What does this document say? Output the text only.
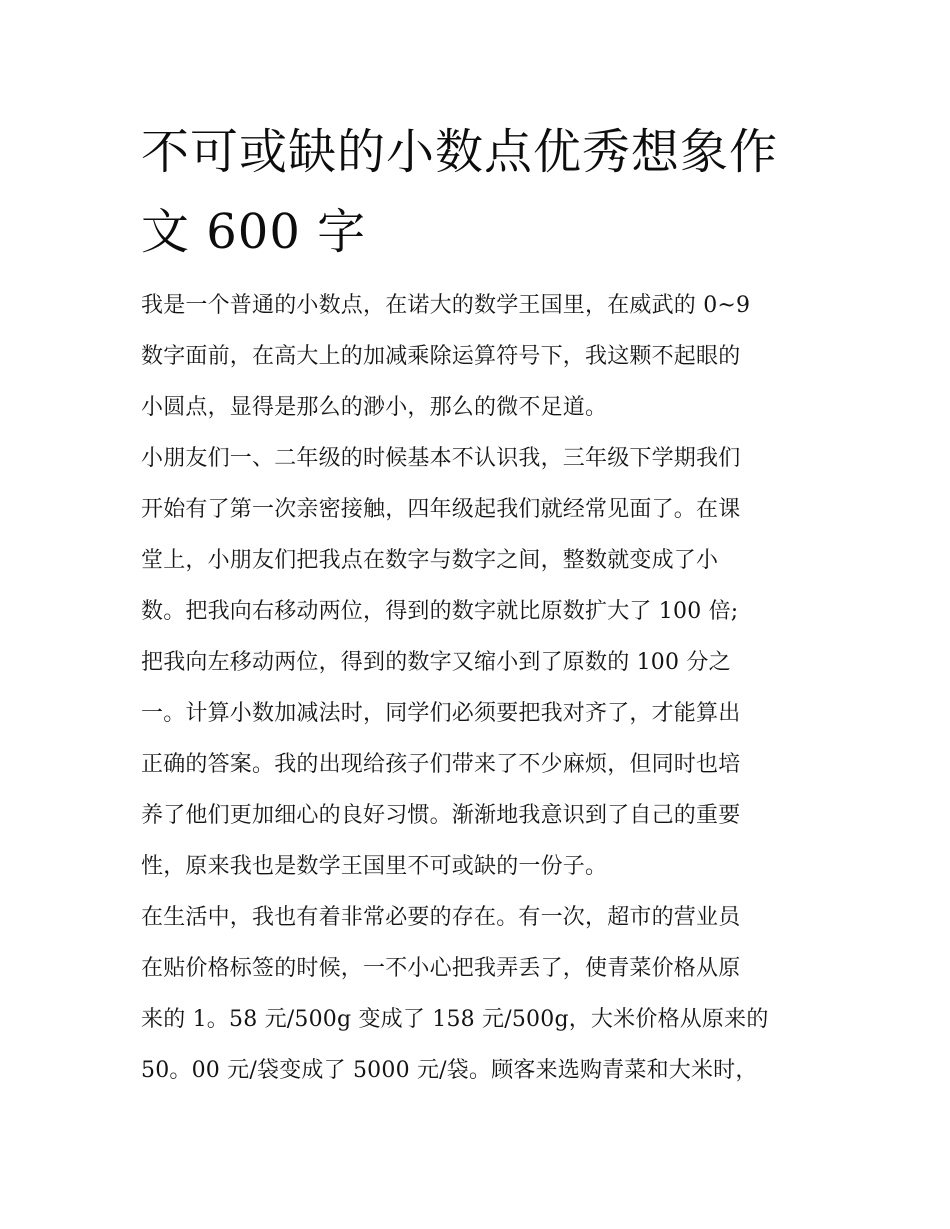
不可或缺的小数点优秀想象作
文 600 字

我是一个普通的小数点，在诺大的数学王国里，在威武的 0~9
数字面前，在高大上的加减乘除运算符号下，我这颗不起眼的
小圆点，显得是那么的渺小，那么的微不足道。

小朋友们一、二年级的时候基本不认识我，三年级下学期我们
开始有了第一次亲密接触，四年级起我们就经常见面了。在课
堂上，小朋友们把我点在数字与数字之间，整数就变成了小
数。把我向右移动两位，得到的数字就比原数扩大了 100 倍;
把我向左移动两位，得到的数字又缩小到了原数的 100 分之
一。计算小数加减法时，同学们必须要把我对齐了，才能算出
正确的答案。我的出现给孩子们带来了不少麻烦，但同时也培
养了他们更加细心的良好习惯。渐渐地我意识到了自己的重要
性，原来我也是数学王国里不可或缺的一份子。

在生活中，我也有着非常必要的存在。有一次，超市的营业员
在贴价格标签的时候，一不小心把我弄丢了，使青菜价格从原
来的 1。58 元/500g 变成了 158 元/500g，大米价格从原来的
50。00 元/袋变成了 5000 元/袋。顾客来选购青菜和大米时，
